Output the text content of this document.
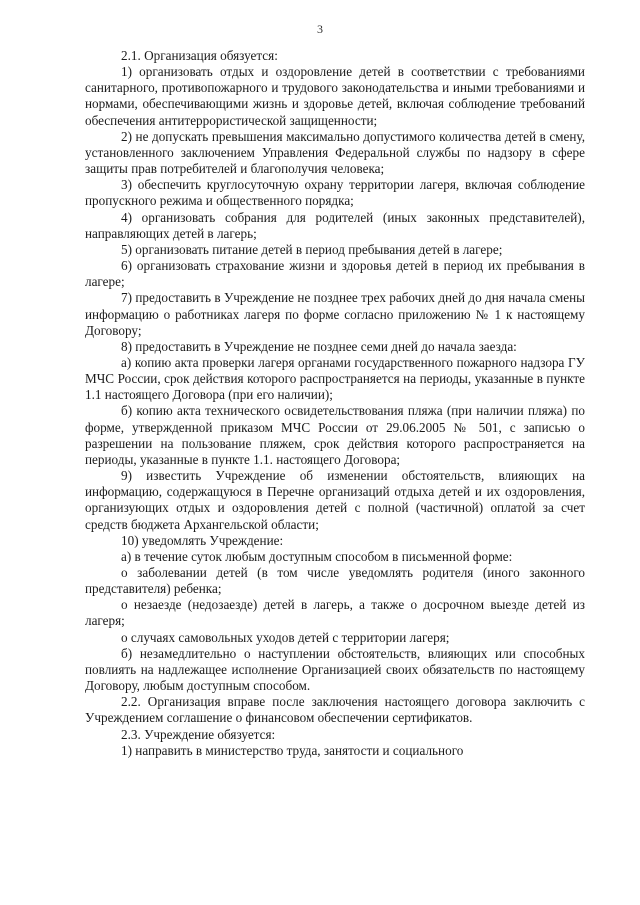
3

2.1. Организация обязуется:

1) организовать отдых и оздоровление детей в соответствии с требованиями санитарного, противопожарного и трудового законодательства и иными требованиями и нормами, обеспечивающими жизнь и здоровье детей, включая соблюдение требований обеспечения антитеррористической защищенности;

2) не допускать превышения максимально допустимого количества детей в смену, установленного заключением Управления Федеральной службы по надзору в сфере защиты прав потребителей и благополучия человека;

3) обеспечить круглосуточную охрану территории лагеря, включая соблюдение пропускного режима и общественного порядка;

4) организовать собрания для родителей (иных законных представителей), направляющих детей в лагерь;

5) организовать питание детей в период пребывания детей в лагере;

6) организовать страхование жизни и здоровья детей в период их пребывания в лагере;

7) предоставить в Учреждение не позднее трех рабочих дней до дня начала смены информацию о работниках лагеря по форме согласно приложению № 1 к настоящему Договору;

8) предоставить в Учреждение не позднее семи дней до начала заезда:

а) копию акта проверки лагеря органами государственного пожарного надзора ГУ МЧС России, срок действия которого распространяется на периоды, указанные в пункте 1.1 настоящего Договора (при его наличии);

б) копию акта технического освидетельствования пляжа (при наличии пляжа) по форме, утвержденной приказом МЧС России от 29.06.2005 № 501, с записью о разрешении на пользование пляжем, срок действия которого распространяется на периоды, указанные в пункте 1.1. настоящего Договора;

9) известить Учреждение об изменении обстоятельств, влияющих на информацию, содержащуюся в Перечне организаций отдыха детей и их оздоровления, организующих отдых и оздоровления детей с полной (частичной) оплатой за счет средств бюджета Архангельской области;

10) уведомлять Учреждение:

а) в течение суток любым доступным способом в письменной форме:

о заболевании детей (в том числе уведомлять родителя (иного законного представителя) ребенка;

о незаезде (недозаезде) детей в лагерь, а также о досрочном выезде детей из лагеря;

о случаях самовольных уходов детей с территории лагеря;

б) незамедлительно о наступлении обстоятельств, влияющих или способных повлиять на надлежащее исполнение Организацией своих обязательств по настоящему Договору, любым доступным способом.

2.2. Организация вправе после заключения настоящего договора заключить с Учреждением соглашение о финансовом обеспечении сертификатов.

2.3. Учреждение обязуется:

1) направить в министерство труда, занятости и социального
